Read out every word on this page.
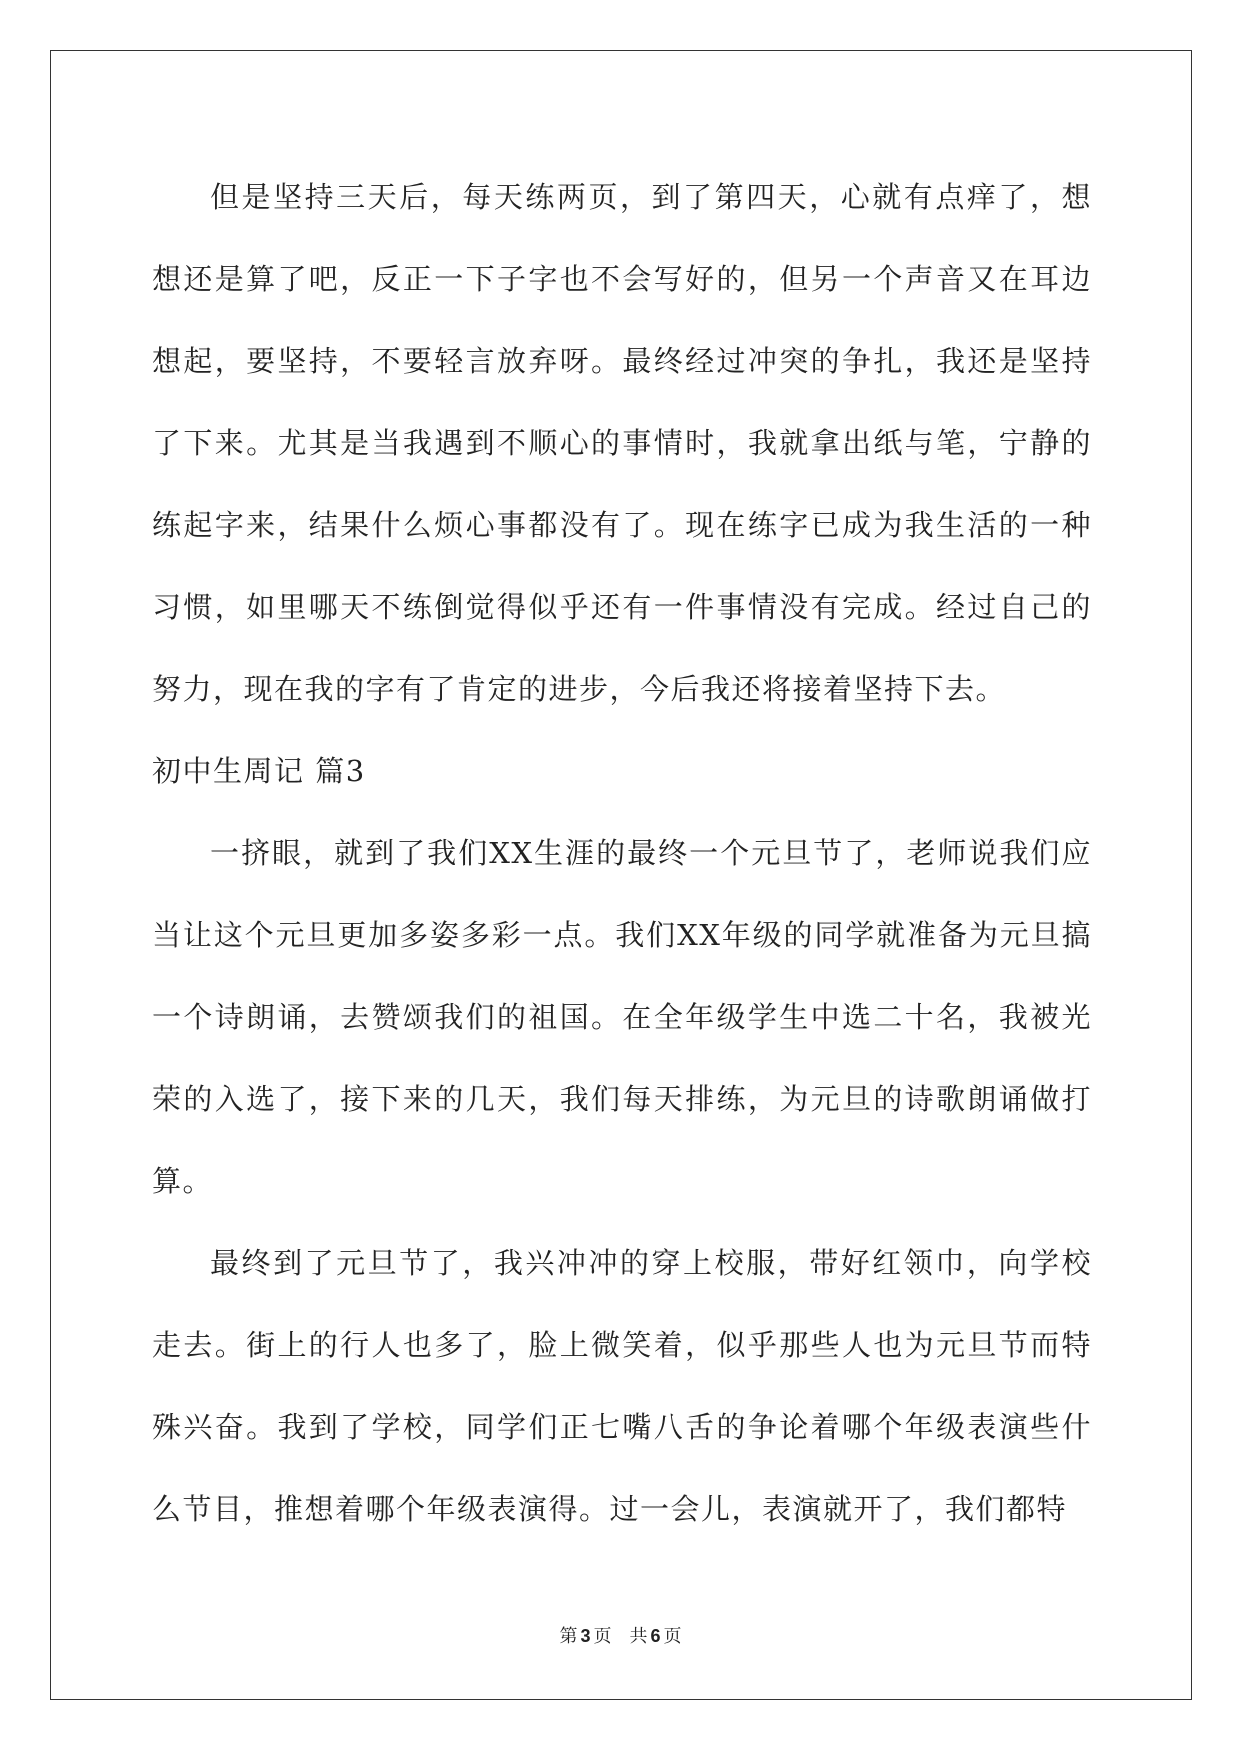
但是坚持三天后，每天练两页，到了第四天，心就有点痒了，想想还是算了吧，反正一下子字也不会写好的，但另一个声音又在耳边想起，要坚持，不要轻言放弃呀。最终经过冲突的争扎，我还是坚持了下来。尤其是当我遇到不顺心的事情时，我就拿出纸与笔，宁静的练起字来，结果什么烦心事都没有了。现在练字已成为我生活的一种习惯，如里哪天不练倒觉得似乎还有一件事情没有完成。经过自己的努力，现在我的字有了肯定的进步，今后我还将接着坚持下去。

初中生周记 篇3

一挤眼，就到了我们XX生涯的最终一个元旦节了，老师说我们应当让这个元旦更加多姿多彩一点。我们XX年级的同学就准备为元旦搞一个诗朗诵，去赞颂我们的祖国。在全年级学生中选二十名，我被光荣的入选了，接下来的几天，我们每天排练，为元旦的诗歌朗诵做打算。

最终到了元旦节了，我兴冲冲的穿上校服，带好红领巾，向学校走去。街上的行人也多了，脸上微笑着，似乎那些人也为元旦节而特殊兴奋。我到了学校，同学们正七嘴八舌的争论着哪个年级表演些什么节目，推想着哪个年级表演得。过一会儿，表演就开了，我们都特

第 3 页 共 6 页
